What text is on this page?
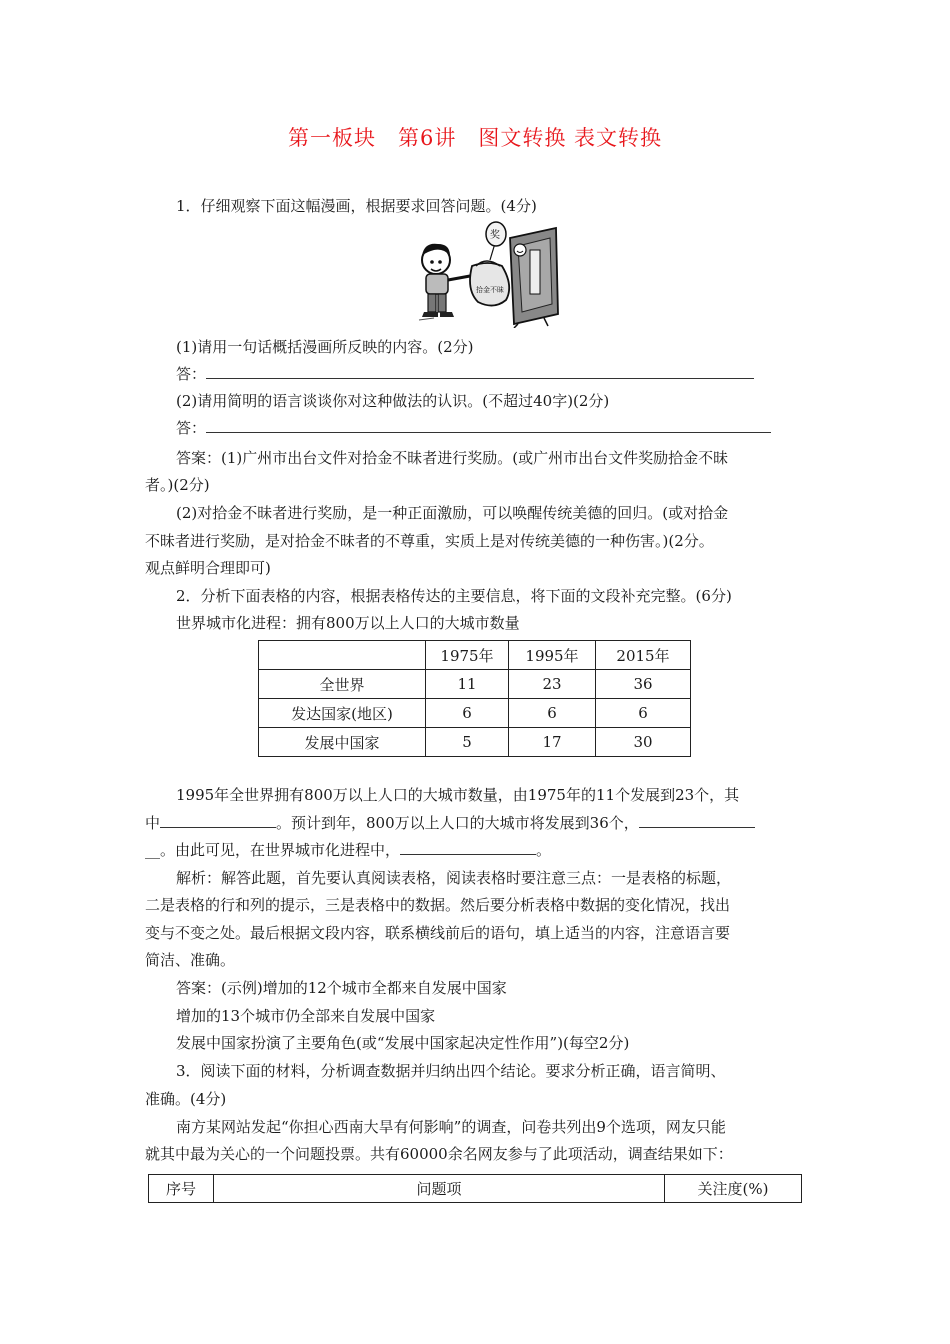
第一板块　第6讲　图文转换 表文转换
1．仔细观察下面这幅漫画，根据要求回答问题。(4分)
拾金不昧
奖
(1)请用一句话概括漫画所反映的内容。(2分)
答：
(2)请用简明的语言谈谈你对这种做法的认识。(不超过40字)(2分)
答：
答案：(1)广州市出台文件对拾金不昧者进行奖励。(或广州市出台文件奖励拾金不昧
者。)(2分)
(2)对拾金不昧者进行奖励，是一种正面激励，可以唤醒传统美德的回归。(或对拾金
不昧者进行奖励，是对拾金不昧者的不尊重，实质上是对传统美德的一种伤害。)(2分。
观点鲜明合理即可)
2．分析下面表格的内容，根据表格传达的主要信息，将下面的文段补充完整。(6分)
世界城市化进程：拥有800万以上人口的大城市数量
	1975年	1995年	2015年
全世界	11	23	36
发达国家(地区)	6	6	6
发展中国家	5	17	30
1995年全世界拥有800万以上人口的大城市数量，由1975年的11个发展到23个，其
中	。预计到年，800万以上人口的大城市将发展到36个，
__。由此可见，在世界城市化进程中，	。
解析：解答此题，首先要认真阅读表格，阅读表格时要注意三点：一是表格的标题，
二是表格的行和列的提示，三是表格中的数据。然后要分析表格中数据的变化情况，找出
变与不变之处。最后根据文段内容，联系横线前后的语句，填上适当的内容，注意语言要
简洁、准确。
答案：(示例)增加的12个城市全都来自发展中国家
增加的13个城市仍全部来自发展中国家
发展中国家扮演了主要角色(或“发展中国家起决定性作用”)(每空2分)
3．阅读下面的材料，分析调查数据并归纳出四个结论。要求分析正确，语言简明、
准确。(4分)
南方某网站发起“你担心西南大旱有何影响”的调查，问卷共列出9个选项，网友只能
就其中最为关心的一个问题投票。共有60000余名网友参与了此项活动，调查结果如下：
序号	问题项	关注度(%)
